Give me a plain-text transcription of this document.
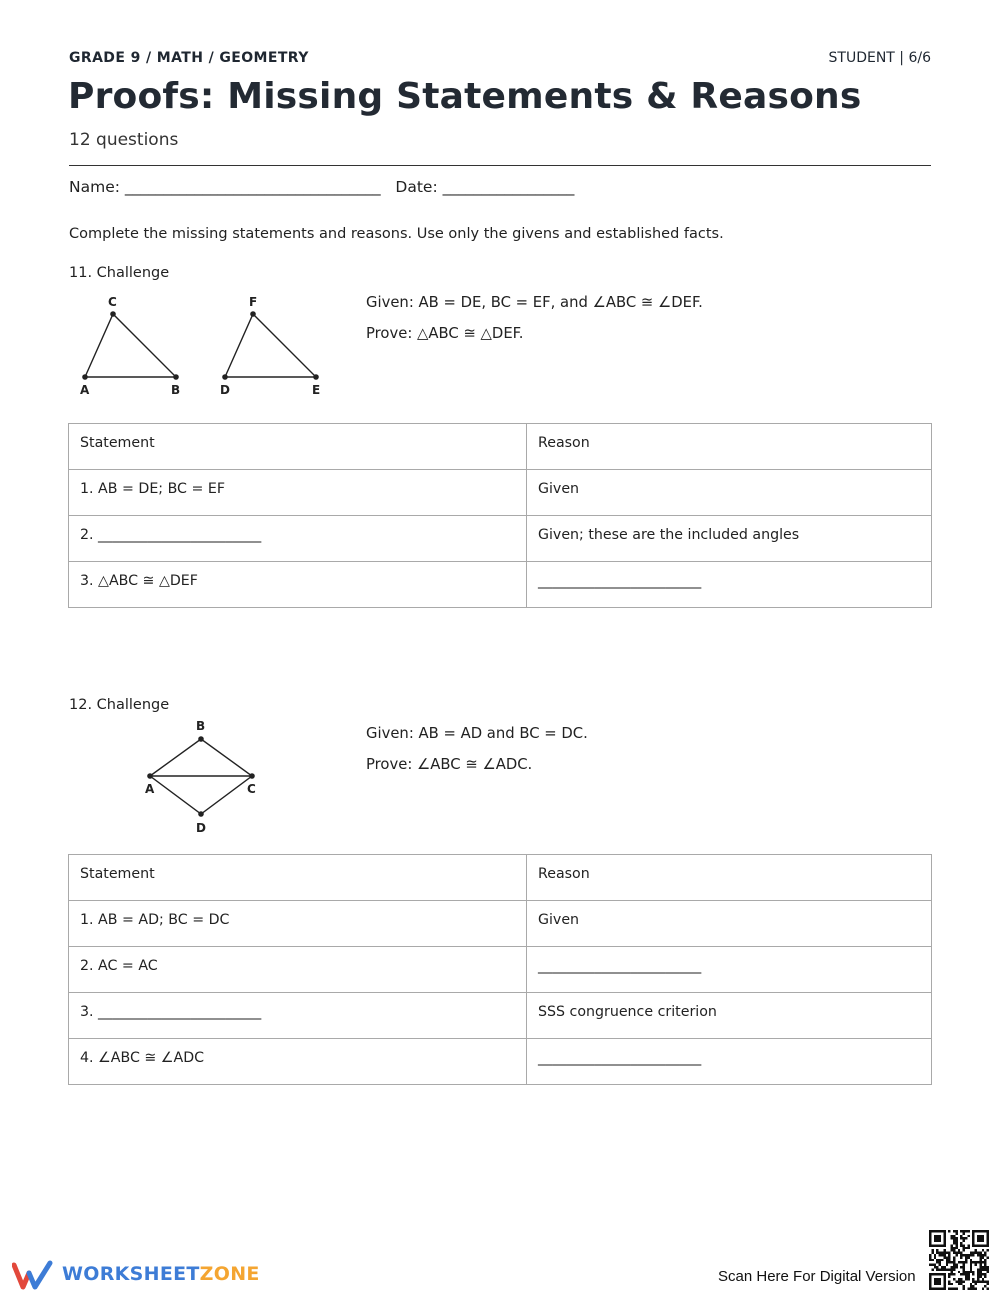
GRADE 9 / MATH / GEOMETRY	STUDENT | 6/6
Proofs: Missing Statements & Reasons
12 questions
Name: _________________________________   Date: _________________
Complete the missing statements and reasons. Use only the givens and established facts.
11. Challenge
A	B
C
D	E
F	Given: AB = DE, BC = EF, and ∠ABC ≅ ∠DEF.
Prove: △ABC ≅ △DEF.
Statement	Reason
1. AB = DE; BC = EF	Given
2. _______________________	Given; these are the included angles
3. △ABC ≅ △DEF	_______________________
12. Challenge
A
B
C
D
Given: AB = AD and BC = DC.
Prove: ∠ABC ≅ ∠ADC.
Statement	Reason
1. AB = AD; BC = DC	Given
2. AC = AC	_______________________
3. _______________________	SSS congruence criterion
4. ∠ABC ≅ ∠ADC	_______________________
WORKSHEETZONE	Scan Here For Digital Version
